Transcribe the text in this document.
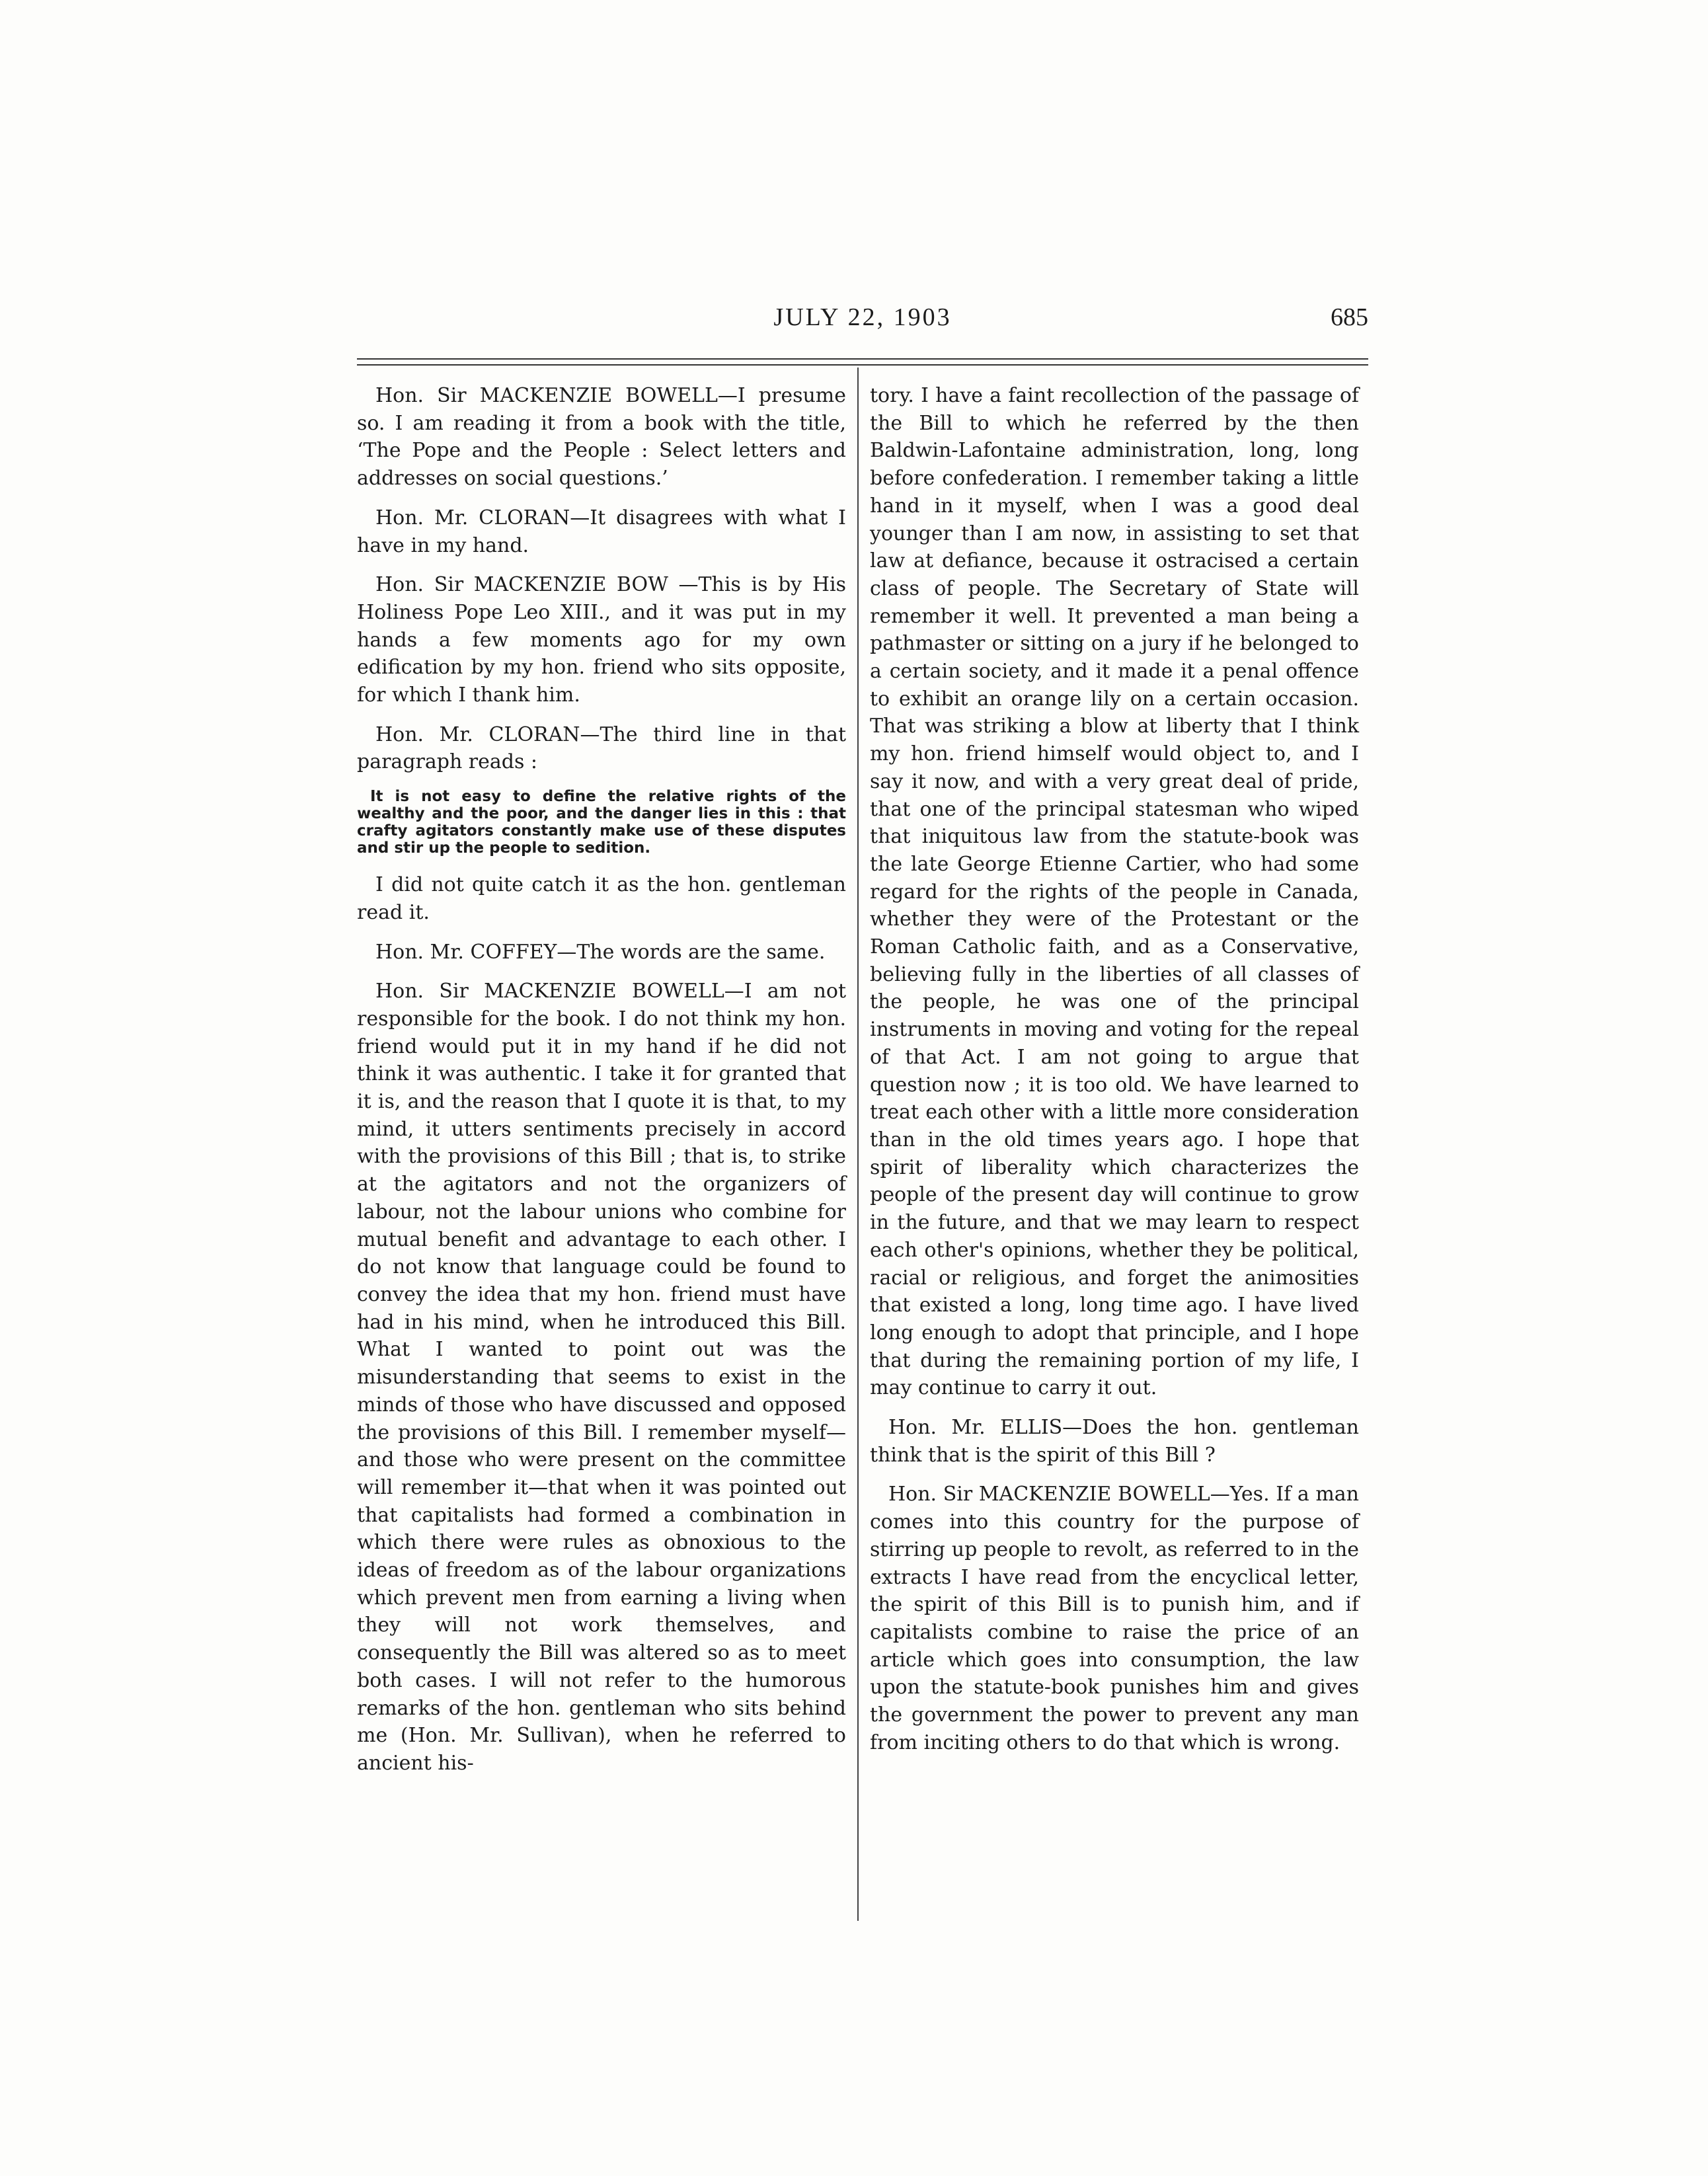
JULY 22, 1903	685

Hon. Sir MACKENZIE BOWELL—I presume so. I am reading it from a book with the title, ‘The Pope and the People : Select letters and addresses on social questions.’

Hon. Mr. CLORAN—It disagrees with what I have in my hand.

Hon. Sir MACKENZIE BOW —This is by His Holiness Pope Leo XIII., and it was put in my hands a few moments ago for my own edification by my hon. friend who sits opposite, for which I thank him.

Hon. Mr. CLORAN—The third line in that paragraph reads :

It is not easy to define the relative rights of the wealthy and the poor, and the danger lies in this : that crafty agitators constantly make use of these disputes and stir up the people to sedition.

I did not quite catch it as the hon. gentleman read it.

Hon. Mr. COFFEY—The words are the same.

Hon. Sir MACKENZIE BOWELL—I am not responsible for the book. I do not think my hon. friend would put it in my hand if he did not think it was authentic. I take it for granted that it is, and the reason that I quote it is that, to my mind, it utters sentiments precisely in accord with the provisions of this Bill ; that is, to strike at the agitators and not the organizers of labour, not the labour unions who combine for mutual benefit and advantage to each other. I do not know that language could be found to convey the idea that my hon. friend must have had in his mind, when he introduced this Bill. What I wanted to point out was the misunderstanding that seems to exist in the minds of those who have discussed and opposed the provisions of this Bill. I remember myself—and those who were present on the committee will remember it—that when it was pointed out that capitalists had formed a combination in which there were rules as obnoxious to the ideas of freedom as of the labour organizations which prevent men from earning a living when they will not work themselves, and consequently the Bill was altered so as to meet both cases. I will not refer to the humorous remarks of the hon. gentleman who sits behind me (Hon. Mr. Sullivan), when he referred to ancient his-

tory. I have a faint recollection of the passage of the Bill to which he referred by the then Baldwin-Lafontaine administration, long, long before confederation. I remember taking a little hand in it myself, when I was a good deal younger than I am now, in assisting to set that law at defiance, because it ostracised a certain class of people. The Secretary of State will remember it well. It prevented a man being a pathmaster or sitting on a jury if he belonged to a certain society, and it made it a penal offence to exhibit an orange lily on a certain occasion. That was striking a blow at liberty that I think my hon. friend himself would object to, and I say it now, and with a very great deal of pride, that one of the principal statesman who wiped that iniquitous law from the statute-book was the late George Etienne Cartier, who had some regard for the rights of the people in Canada, whether they were of the Protestant or the Roman Catholic faith, and as a Conservative, believing fully in the liberties of all classes of the people, he was one of the principal instruments in moving and voting for the repeal of that Act. I am not going to argue that question now ; it is too old. We have learned to treat each other with a little more consideration than in the old times years ago. I hope that spirit of liberality which characterizes the people of the present day will continue to grow in the future, and that we may learn to respect each other's opinions, whether they be political, racial or religious, and forget the animosities that existed a long, long time ago. I have lived long enough to adopt that principle, and I hope that during the remaining portion of my life, I may continue to carry it out.

Hon. Mr. ELLIS—Does the hon. gentleman think that is the spirit of this Bill ?

Hon. Sir MACKENZIE BOWELL—Yes. If a man comes into this country for the purpose of stirring up people to revolt, as referred to in the extracts I have read from the encyclical letter, the spirit of this Bill is to punish him, and if capitalists combine to raise the price of an article which goes into consumption, the law upon the statute-book punishes him and gives the government the power to prevent any man from inciting others to do that which is wrong.
